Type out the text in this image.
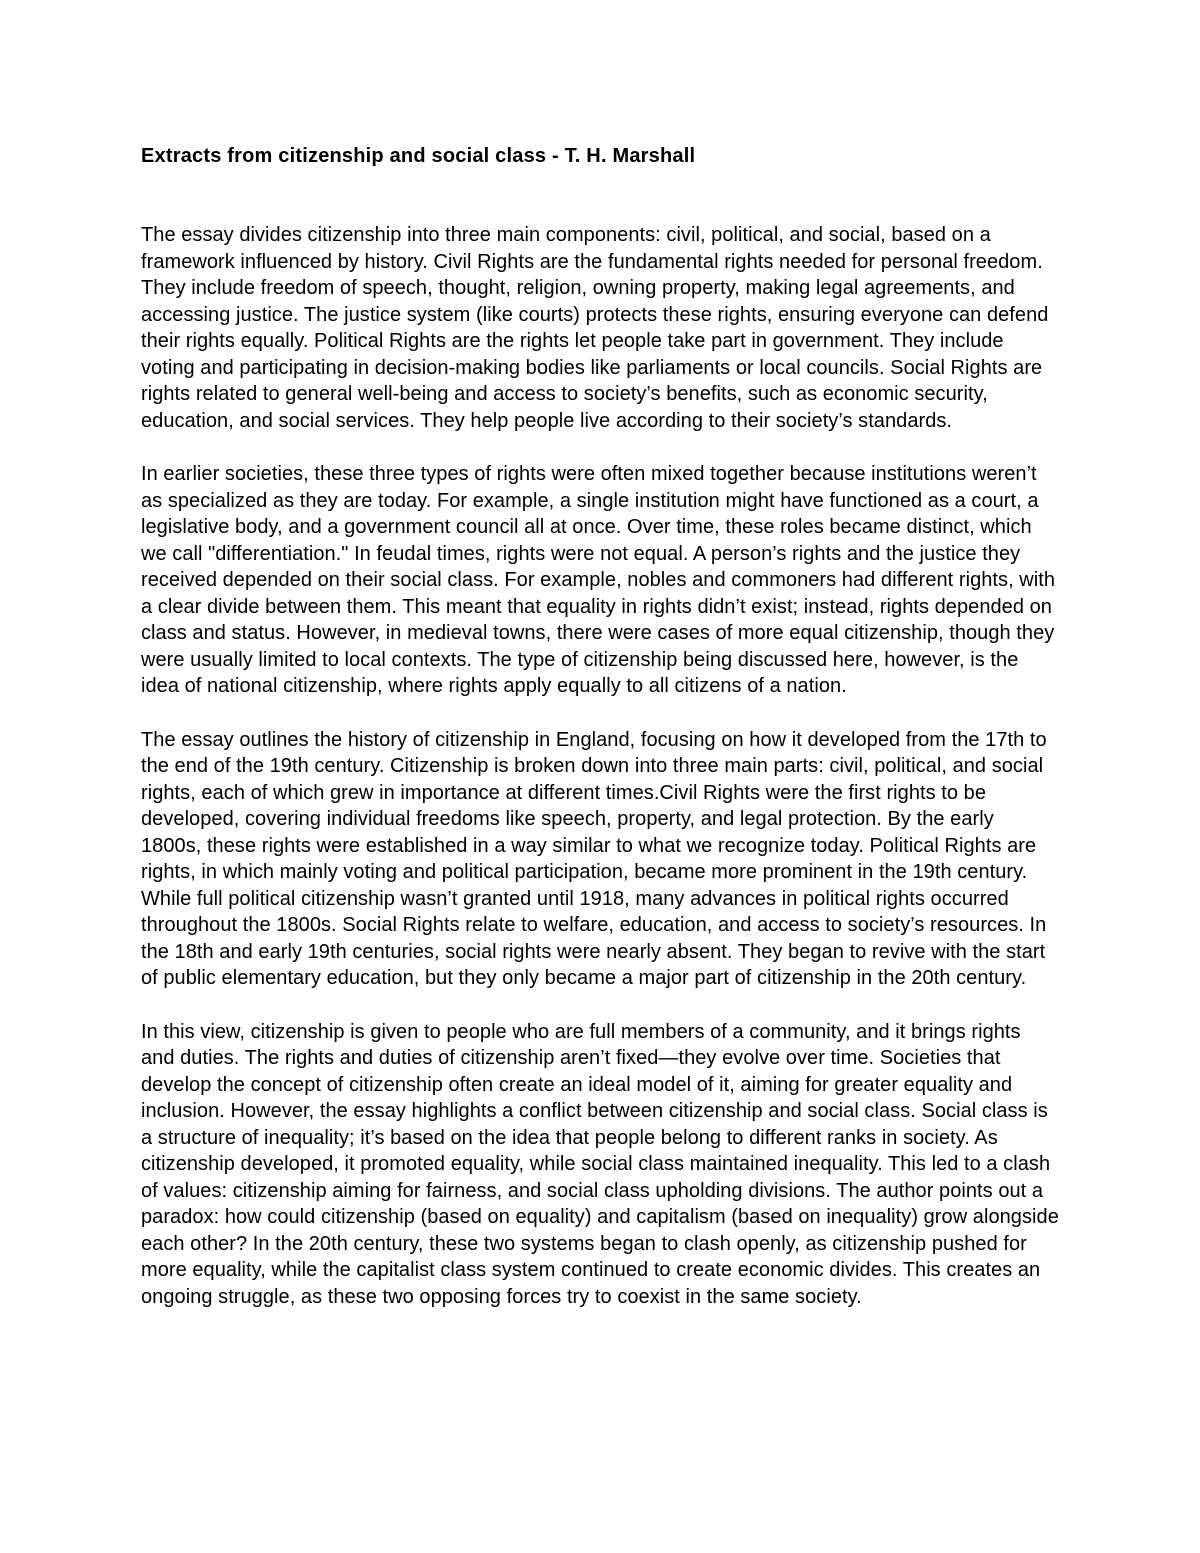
Extracts from citizenship and social class - T. H. Marshall

The essay divides citizenship into three main components: civil, political, and social, based on a framework influenced by history. Civil Rights are the fundamental rights needed for personal freedom. They include freedom of speech, thought, religion, owning property, making legal agreements, and accessing justice. The justice system (like courts) protects these rights, ensuring everyone can defend their rights equally. Political Rights are the rights let people take part in government. They include voting and participating in decision-making bodies like parliaments or local councils. Social Rights are rights related to general well-being and access to society’s benefits, such as economic security, education, and social services. They help people live according to their society’s standards.

In earlier societies, these three types of rights were often mixed together because institutions weren’t as specialized as they are today. For example, a single institution might have functioned as a court, a legislative body, and a government council all at once. Over time, these roles became distinct, which we call "differentiation." In feudal times, rights were not equal. A person’s rights and the justice they received depended on their social class. For example, nobles and commoners had different rights, with a clear divide between them. This meant that equality in rights didn’t exist; instead, rights depended on class and status. However, in medieval towns, there were cases of more equal citizenship, though they were usually limited to local contexts. The type of citizenship being discussed here, however, is the idea of national citizenship, where rights apply equally to all citizens of a nation.

The essay outlines the history of citizenship in England, focusing on how it developed from the 17th to the end of the 19th century. Citizenship is broken down into three main parts: civil, political, and social rights, each of which grew in importance at different times.Civil Rights were the first rights to be developed, covering individual freedoms like speech, property, and legal protection. By the early 1800s, these rights were established in a way similar to what we recognize today. Political Rights are rights, in which mainly voting and political participation, became more prominent in the 19th century. While full political citizenship wasn’t granted until 1918, many advances in political rights occurred throughout the 1800s. Social Rights relate to welfare, education, and access to society’s resources. In the 18th and early 19th centuries, social rights were nearly absent. They began to revive with the start of public elementary education, but they only became a major part of citizenship in the 20th century.

In this view, citizenship is given to people who are full members of a community, and it brings rights and duties. The rights and duties of citizenship aren’t fixed—they evolve over time. Societies that develop the concept of citizenship often create an ideal model of it, aiming for greater equality and inclusion. However, the essay highlights a conflict between citizenship and social class. Social class is a structure of inequality; it’s based on the idea that people belong to different ranks in society. As citizenship developed, it promoted equality, while social class maintained inequality. This led to a clash of values: citizenship aiming for fairness, and social class upholding divisions. The author points out a paradox: how could citizenship (based on equality) and capitalism (based on inequality) grow alongside each other? In the 20th century, these two systems began to clash openly, as citizenship pushed for more equality, while the capitalist class system continued to create economic divides. This creates an ongoing struggle, as these two opposing forces try to coexist in the same society.
